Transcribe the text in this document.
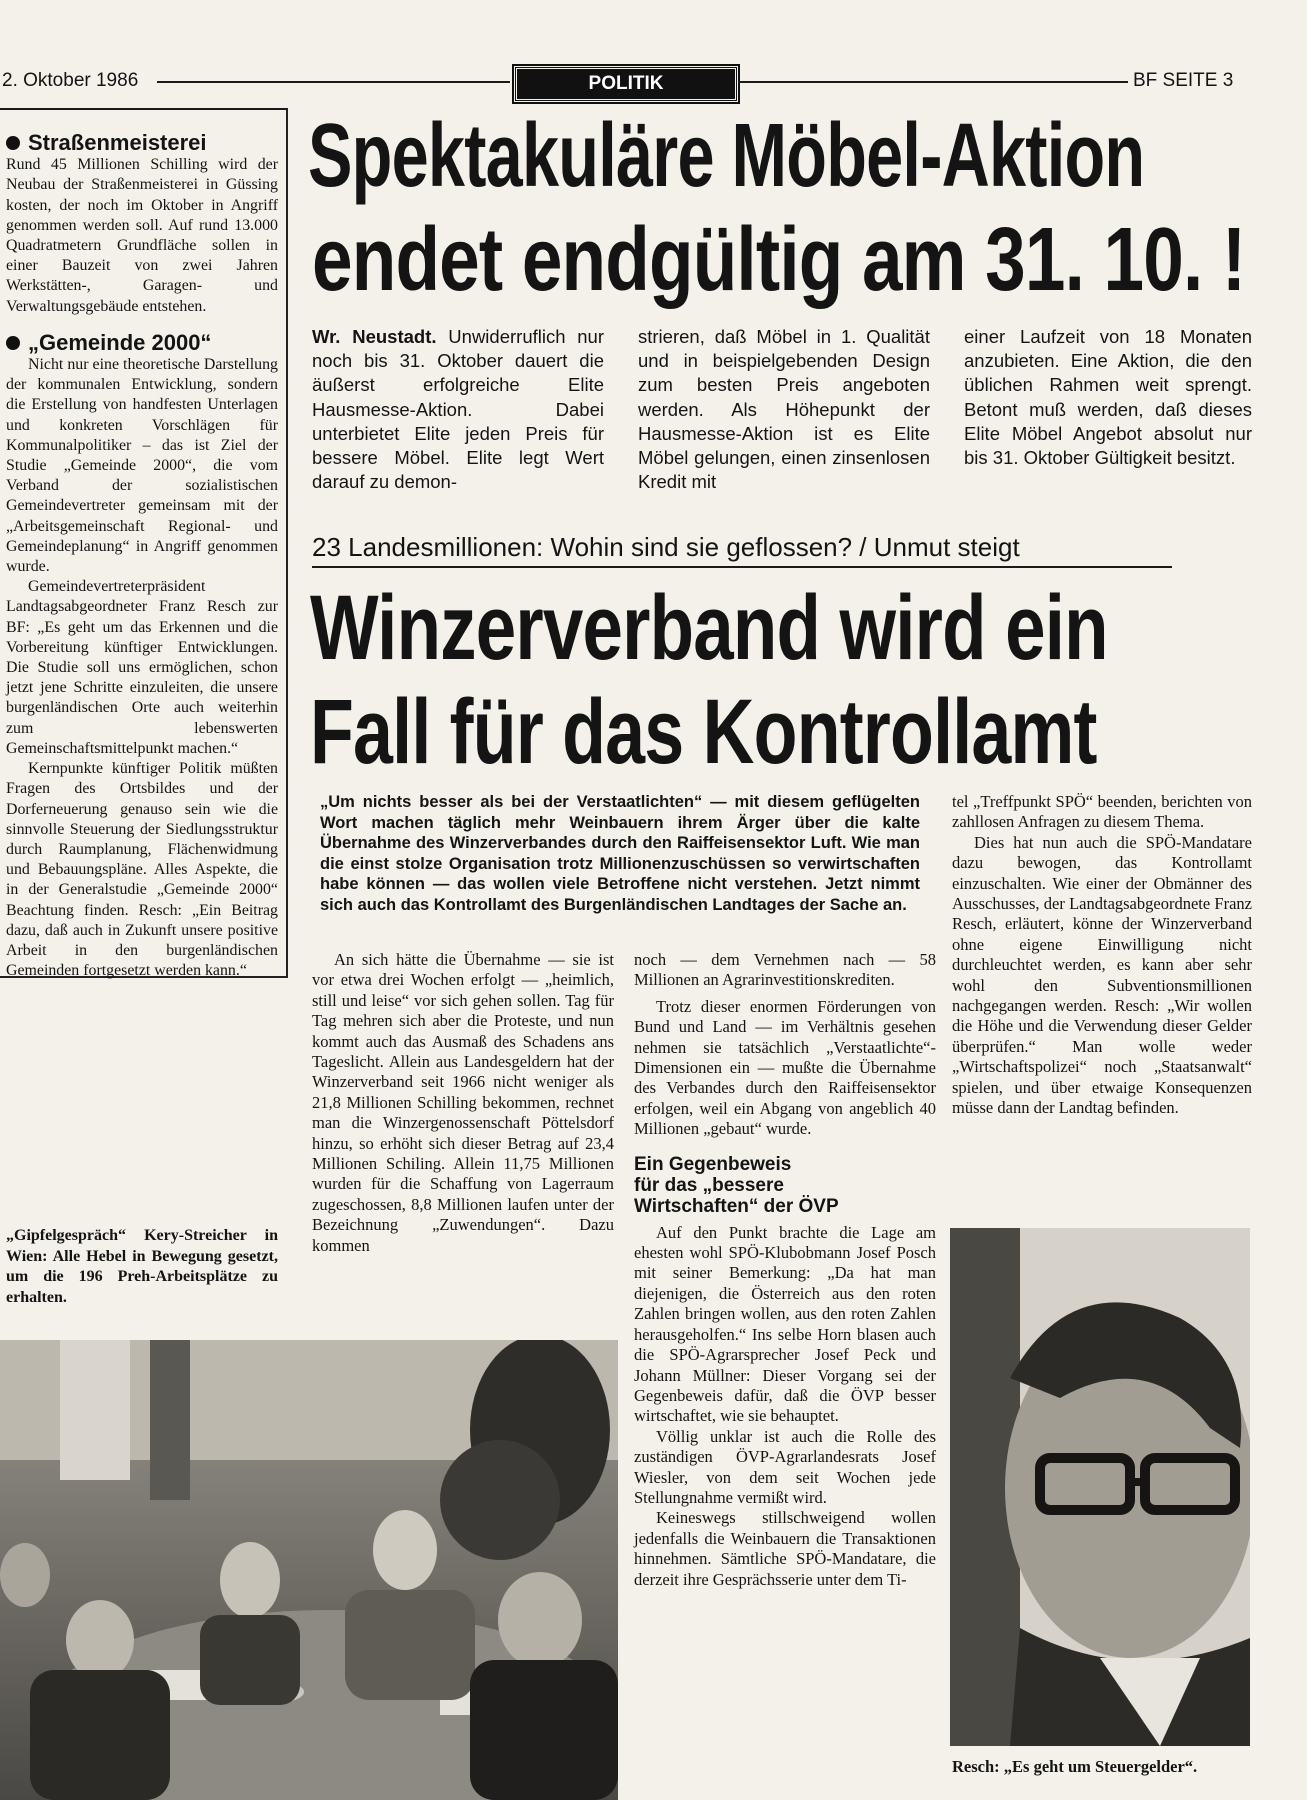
2. Oktober 1986	POLITIK	BF SEITE 3
Straßenmeisterei

Rund 45 Millionen Schilling wird der Neubau der Straßenmeisterei in Güssing kosten, der noch im Oktober in Angriff genommen werden soll. Auf rund 13.000 Quadratmetern Grundfläche sollen in einer Bauzeit von zwei Jahren Werkstätten-, Garagen- und Verwaltungsgebäude entstehen.

„Gemeinde 2000“

Nicht nur eine theoretische Darstellung der kommunalen Entwicklung, sondern die Erstellung von handfesten Unterlagen und konkreten Vorschlägen für Kommunalpolitiker – das ist Ziel der Studie „Gemeinde 2000“, die vom Verband der sozialistischen Gemeindevertreter gemeinsam mit der „Arbeitsgemeinschaft Regional- und Gemeindeplanung“ in Angriff genommen wurde.

Gemeindevertreterpräsident Landtagsabgeordneter Franz Resch zur BF: „Es geht um das Erkennen und die Vorbereitung künftiger Entwicklungen. Die Studie soll uns ermöglichen, schon jetzt jene Schritte einzuleiten, die unsere burgenländischen Orte auch weiterhin zum lebenswerten Gemeinschaftsmittelpunkt machen.“

Kernpunkte künftiger Politik müßten Fragen des Ortsbildes und der Dorferneuerung genauso sein wie die sinnvolle Steuerung der Siedlungsstruktur durch Raumplanung, Flächenwidmung und Bebauungspläne. Alles Aspekte, die in der Generalstudie „Gemeinde 2000“ Beachtung finden. Resch: „Ein Beitrag dazu, daß auch in Zukunft unsere positive Arbeit in den burgenländischen Gemeinden fortgesetzt werden kann.“

Spektakuläre Möbel-Aktion
endet endgültig am 31. 10. !

Wr. Neustadt. Unwiderruflich nur noch bis 31. Oktober dauert die äußerst erfolgreiche Elite Hausmesse-Aktion. Dabei unterbietet Elite jeden Preis für bessere Möbel. Elite legt Wert darauf zu demon-

strieren, daß Möbel in 1. Qualität und in beispielgebenden Design zum besten Preis angeboten werden. Als Höhepunkt der Hausmesse-Aktion ist es Elite Möbel gelungen, einen zinsenlosen Kredit mit

einer Laufzeit von 18 Monaten anzubieten. Eine Aktion, die den üblichen Rahmen weit sprengt. Betont muß werden, daß dieses Elite Möbel Angebot absolut nur bis 31. Oktober Gültigkeit besitzt.

23 Landesmillionen: Wohin sind sie geflossen? / Unmut steigt
Winzerverband wird ein
Fall für das Kontrollamt

„Um nichts besser als bei der Verstaatlichten“ — mit diesem geflügelten Wort machen täglich mehr Weinbauern ihrem Ärger über die kalte Übernahme des Winzerverbandes durch den Raiffeisensektor Luft. Wie man die einst stolze Organisation trotz Millionenzuschüssen so verwirtschaften habe können — das wollen viele Betroffene nicht verstehen. Jetzt nimmt sich auch das Kontrollamt des Burgenländischen Landtages der Sache an.

An sich hätte die Übernahme — sie ist vor etwa drei Wochen erfolgt — „heimlich, still und leise“ vor sich gehen sollen. Tag für Tag mehren sich aber die Proteste, und nun kommt auch das Ausmaß des Schadens ans Tageslicht. Allein aus Landesgeldern hat der Winzerverband seit 1966 nicht weniger als 21,8 Millionen Schilling bekommen, rechnet man die Winzergenossenschaft Pöttelsdorf hinzu, so erhöht sich dieser Betrag auf 23,4 Millionen Schiling. Allein 11,75 Millionen wurden für die Schaffung von Lagerraum zugeschossen, 8,8 Millionen laufen unter der Bezeichnung „Zuwendungen“. Dazu kommen

noch — dem Vernehmen nach — 58 Millionen an Agrarinvestitionskrediten.

Trotz dieser enormen Förderungen von Bund und Land — im Verhältnis gesehen nehmen sie tatsächlich „Verstaatlichte“-Dimensionen ein — mußte die Übernahme des Verbandes durch den Raiffeisensektor erfolgen, weil ein Abgang von angeblich 40 Millionen „gebaut“ wurde.

Ein Gegenbeweis
für das „bessere
Wirtschaften“ der ÖVP

Auf den Punkt brachte die Lage am ehesten wohl SPÖ-Klubobmann Josef Posch mit seiner Bemerkung: „Da hat man diejenigen, die Österreich aus den roten Zahlen bringen wollen, aus den roten Zahlen herausgeholfen.“ Ins selbe Horn blasen auch die SPÖ-Agrarsprecher Josef Peck und Johann Müllner: Dieser Vorgang sei der Gegenbeweis dafür, daß die ÖVP besser wirtschaftet, wie sie behauptet.

Völlig unklar ist auch die Rolle des zuständigen ÖVP-Agrarlandesrats Josef Wiesler, von dem seit Wochen jede Stellungnahme vermißt wird.

Keineswegs stillschweigend wollen jedenfalls die Weinbauern die Transaktionen hinnehmen. Sämtliche SPÖ-Mandatare, die derzeit ihre Gesprächsserie unter dem Ti-

tel „Treffpunkt SPÖ“ beenden, berichten von zahllosen Anfragen zu diesem Thema.

Dies hat nun auch die SPÖ-Mandatare dazu bewogen, das Kontrollamt einzuschalten. Wie einer der Obmänner des Ausschusses, der Landtagsabgeordnete Franz Resch, erläutert, könne der Winzerverband ohne eigene Einwilligung nicht durchleuchtet werden, es kann aber sehr wohl den Subventionsmillionen nachgegangen werden. Resch: „Wir wollen die Höhe und die Verwendung dieser Gelder überprüfen.“ Man wolle weder „Wirtschaftspolizei“ noch „Staatsanwalt“ spielen, und über etwaige Konsequenzen müsse dann der Landtag befinden.

„Gipfelgespräch“ Kery-Streicher in Wien: Alle Hebel in Bewegung gesetzt, um die 196 Preh-Arbeitsplätze zu erhalten.

Resch: „Es geht um Steuergelder“.
